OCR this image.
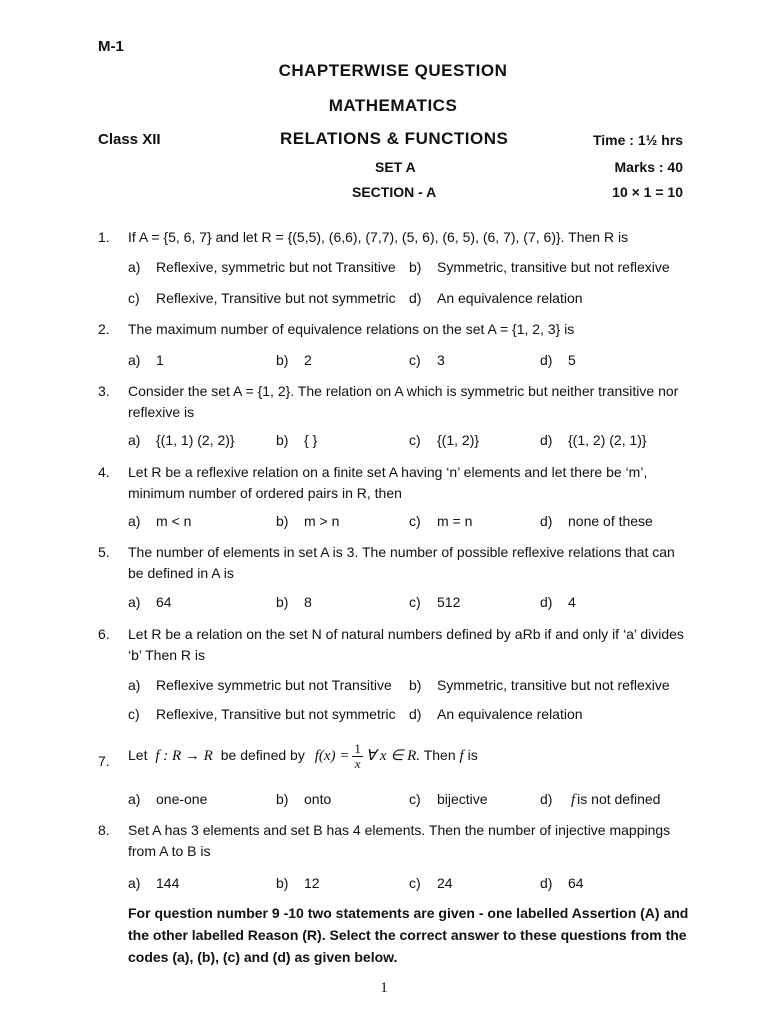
M-1
CHAPTERWISE QUESTION
MATHEMATICS
Class XII	RELATIONS & FUNCTIONS	Time : 1½ hrs
SET A	Marks : 40
SECTION - A	10 × 1 = 10
1. If A = {5, 6, 7} and let R = {(5,5), (6,6), (7,7), (5, 6), (6, 5), (6, 7), (7, 6)}. Then R is
a) Reflexive, symmetric but not Transitive b) Symmetric, transitive but not reflexive
c) Reflexive, Transitive but not symmetric d) An equivalence relation
2. The maximum number of equivalence relations on the set A = {1, 2, 3} is
a) 1	b) 2	c) 3	d) 5
3. Consider the set A = {1, 2}. The relation on A which is symmetric but neither transitive nor reflexive is
a) {(1, 1) (2, 2)}	b) { }	c) {(1, 2)}	d) {(1, 2) (2, 1)}
4. Let R be a reflexive relation on a finite set A having ‘n’ elements and let there be ‘m’, minimum number of ordered pairs in R, then
a) m < n	b) m > n	c) m = n	d) none of these
5. The number of elements in set A is 3. The number of possible reflexive relations that can be defined in A is
a) 64	b) 8	c) 512	d) 4
6. Let R be a relation on the set N of natural numbers defined by aRb if and only if ‘a’ divides ‘b’ Then R is
a) Reflexive symmetric but not Transitive b) Symmetric, transitive but not reflexive
c) Reflexive, Transitive but not symmetric d) An equivalence relation
7. Let f : R → R be defined by $f(x) = \frac{1}{x}$ ∀ x ∈ R. Then f is
a) one-one	b) onto	c) bijective	d) f is not defined
8. Set A has 3 elements and set B has 4 elements. Then the number of injective mappings from A to B is
a) 144	b) 12	c) 24	d) 64
For question number 9 -10 two statements are given - one labelled Assertion (A) and the other labelled Reason (R). Select the correct answer to these questions from the codes (a), (b), (c) and (d) as given below.
1
